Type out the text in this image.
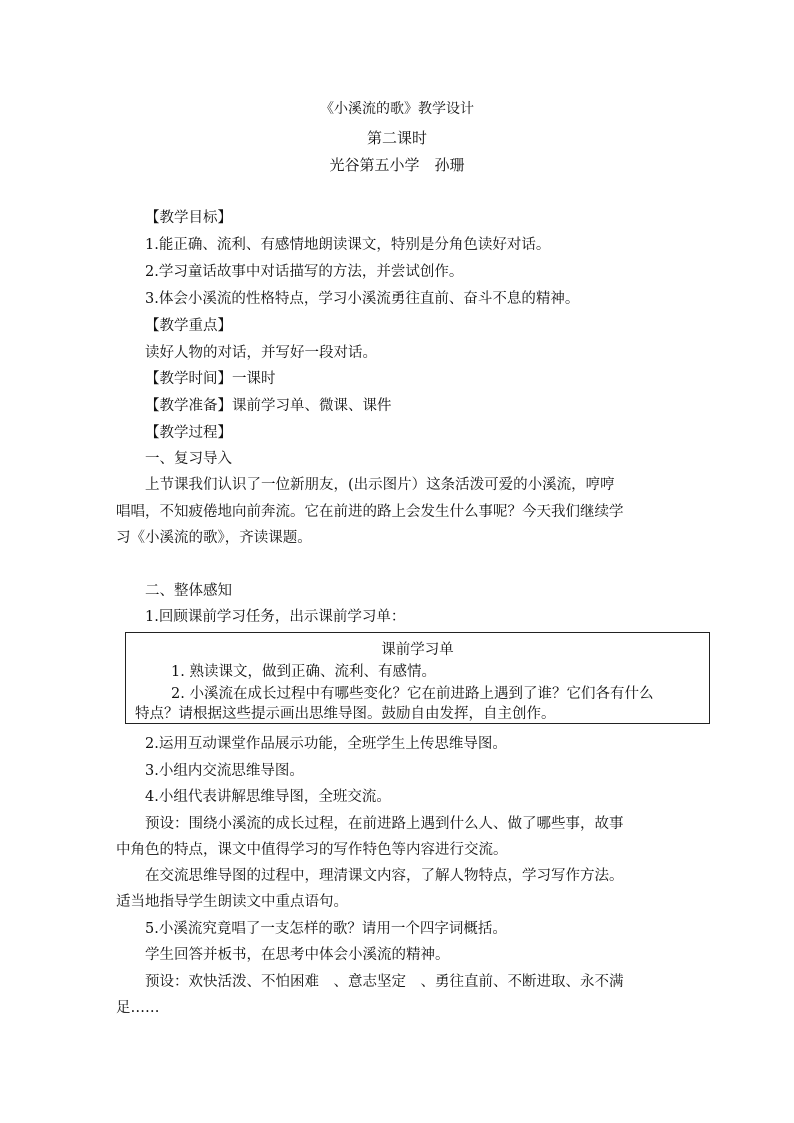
《小溪流的歌》教学设计
第二课时
光谷第五小学　孙珊
【教学目标】
1.能正确、流利、有感情地朗读课文，特别是分角色读好对话。
2.学习童话故事中对话描写的方法，并尝试创作。
3.体会小溪流的性格特点，学习小溪流勇往直前、奋斗不息的精神。
【教学重点】
读好人物的对话，并写好一段对话。
【教学时间】一课时
【教学准备】课前学习单、微课、课件
【教学过程】
一、复习导入
上节课我们认识了一位新朋友，(出示图片）这条活泼可爱的小溪流，哼哼
唱唱，不知疲倦地向前奔流。它在前进的路上会发生什么事呢？今天我们继续学
习《小溪流的歌》，齐读课题。
二、整体感知
1.回顾课前学习任务，出示课前学习单：
课前学习单
1. 熟读课文，做到正确、流利、有感情。
2. 小溪流在成长过程中有哪些变化？它在前进路上遇到了谁？它们各有什么
特点？请根据这些提示画出思维导图。鼓励自由发挥，自主创作。
2.运用互动课堂作品展示功能，全班学生上传思维导图。
3.小组内交流思维导图。
4.小组代表讲解思维导图，全班交流。
预设：围绕小溪流的成长过程，在前进路上遇到什么人、做了哪些事，故事
中角色的特点，课文中值得学习的写作特色等内容进行交流。
在交流思维导图的过程中，理清课文内容，了解人物特点，学习写作方法。
适当地指导学生朗读文中重点语句。
5.小溪流究竟唱了一支怎样的歌？请用一个四字词概括。
学生回答并板书，在思考中体会小溪流的精神。
预设：欢快活泼、不怕困难　、意志坚定　、勇往直前、不断进取、永不满
足……
